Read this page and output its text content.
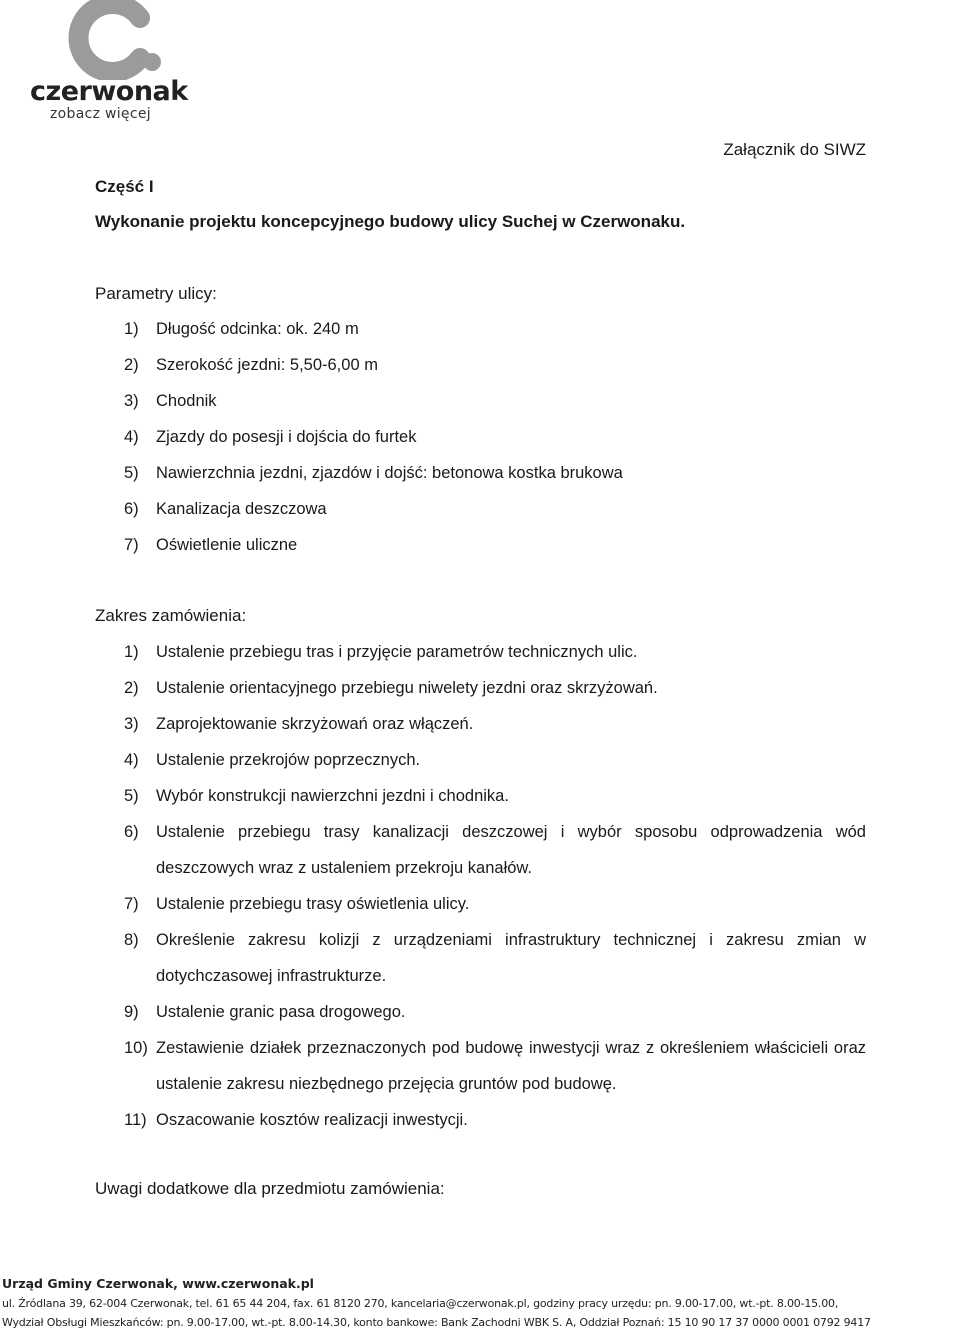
czerwonak
zobacz więcej
Załącznik do SIWZ
Część I
Wykonanie projektu koncepcyjnego budowy ulicy Suchej w Czerwonaku.
Parametry ulicy:
1) Długość odcinka: ok. 240 m
2) Szerokość jezdni: 5,50-6,00 m
3) Chodnik
4) Zjazdy do posesji i dojścia do furtek
5) Nawierzchnia jezdni, zjazdów i dojść: betonowa kostka brukowa
6) Kanalizacja deszczowa
7) Oświetlenie uliczne
Zakres zamówienia:
1) Ustalenie przebiegu tras i przyjęcie parametrów technicznych ulic.
2) Ustalenie orientacyjnego przebiegu niwelety jezdni oraz skrzyżowań.
3) Zaprojektowanie skrzyżowań oraz włączeń.
4) Ustalenie przekrojów poprzecznych.
5) Wybór konstrukcji nawierzchni jezdni i chodnika.
6) Ustalenie przebiegu trasy kanalizacji deszczowej i wybór sposobu odprowadzenia wód deszczowych wraz z ustaleniem przekroju kanałów.
7) Ustalenie przebiegu trasy oświetlenia ulicy.
8) Określenie zakresu kolizji z urządzeniami infrastruktury technicznej i zakresu zmian w dotychczasowej infrastrukturze.
9) Ustalenie granic pasa drogowego.
10) Zestawienie działek przeznaczonych pod budowę inwestycji wraz z określeniem właścicieli oraz ustalenie zakresu niezbędnego przejęcia gruntów pod budowę.
11) Oszacowanie kosztów realizacji inwestycji.
Uwagi dodatkowe dla przedmiotu zamówienia:
Urząd Gminy Czerwonak, www.czerwonak.pl
ul. Źródlana 39, 62-004 Czerwonak, tel. 61 65 44 204, fax. 61 8120 270, kancelaria@czerwonak.pl, godziny pracy urzędu: pn. 9.00-17.00, wt.-pt. 8.00-15.00,
Wydział Obsługi Mieszkańców: pn. 9.00-17.00, wt.-pt. 8.00-14.30, konto bankowe: Bank Zachodni WBK S. A, Oddział Poznań: 15 10 90 17 37 0000 0001 0792 9417
